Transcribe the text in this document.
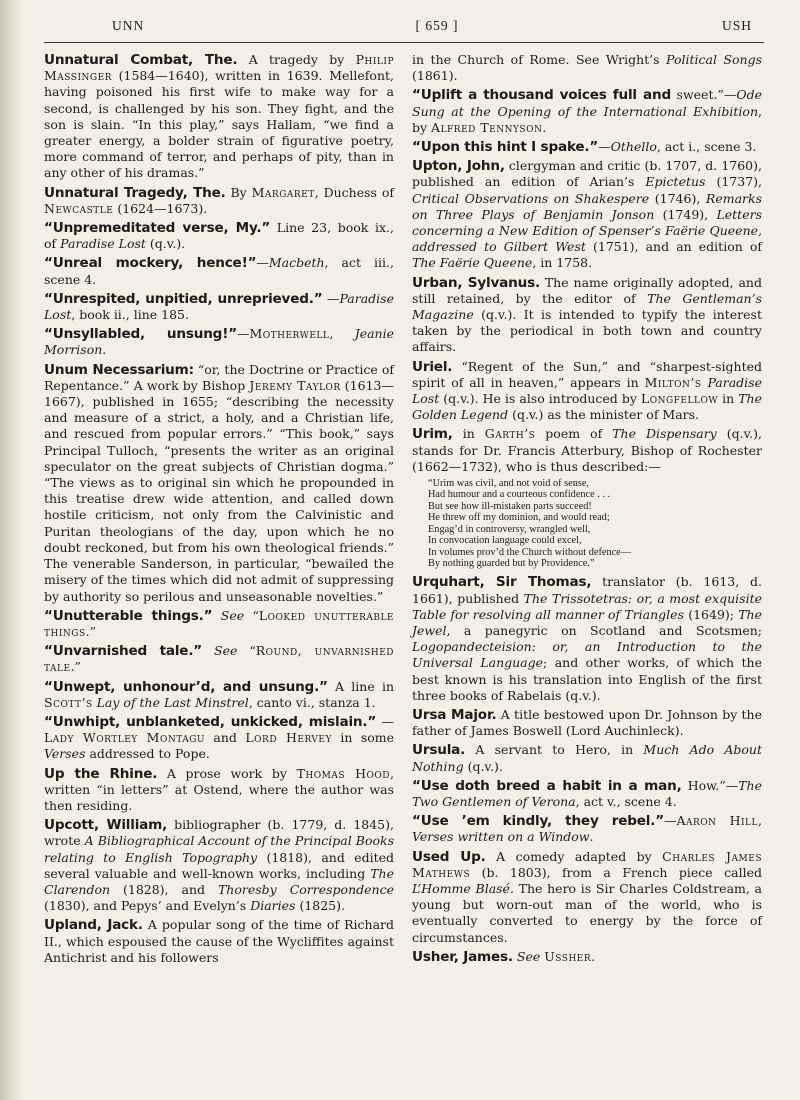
UNN	[ 659 ]	USH

Unnatural Combat, The. A tragedy by Philip Massinger (1584—1640), written in 1639. Mellefont, having poisoned his first wife to make way for a second, is challenged by his son. They fight, and the son is slain. “In this play,” says Hallam, “we find a greater energy, a bolder strain of figurative poetry, more command of terror, and perhaps of pity, than in any other of his dramas.”

Unnatural Tragedy, The. By Margaret, Duchess of Newcastle (1624—1673).

“Unpremeditated verse, My.” Line 23, book ix., of Paradise Lost (q.v.).

“Unreal mockery, hence!”—Macbeth, act iii., scene 4.

“Unrespited, unpitied, unreprieved.” —Paradise Lost, book ii., line 185.

“Unsyllabled, unsung!”—Motherwell, Jeanie Morrison.

Unum Necessarium: “or, the Doctrine or Practice of Repentance.” A work by Bishop Jeremy Taylor (1613—1667), published in 1655; “describing the necessity and measure of a strict, a holy, and a Christian life, and rescued from popular errors.” “This book,” says Principal Tulloch, “presents the writer as an original speculator on the great subjects of Christian dogma.” “The views as to original sin which he propounded in this treatise drew wide attention, and called down hostile criticism, not only from the Calvinistic and Puritan theologians of the day, upon which he no doubt reckoned, but from his own theological friends.” The venerable Sanderson, in particular, “bewailed the misery of the times which did not admit of suppressing by authority so perilous and unseasonable novelties.”

“Unutterable things.” See “Looked unutterable things.”

“Unvarnished tale.” See “Round, unvarnished tale.”

“Unwept, unhonour’d, and unsung.” A line in Scott’s Lay of the Last Minstrel, canto vi., stanza 1.

“Unwhipt, unblanketed, unkicked, mislain.” —Lady Wortley Montagu and Lord Hervey in some Verses addressed to Pope.

Up the Rhine. A prose work by Thomas Hood, written “in letters” at Ostend, where the author was then residing.

Upcott, William, bibliographer (b. 1779, d. 1845), wrote A Bibliographical Account of the Principal Books relating to English Topography (1818), and edited several valuable and well-known works, including The Clarendon (1828), and Thoresby Correspondence (1830), and Pepys’ and Evelyn’s Diaries (1825).

Upland, Jack. A popular song of the time of Richard II., which espoused the cause of the Wycliffites against Antichrist and his followers

in the Church of Rome. See Wright’s Political Songs (1861).

“Uplift a thousand voices full and sweet.”—Ode Sung at the Opening of the International Exhibition, by Alfred Tennyson.

“Upon this hint I spake.”—Othello, act i., scene 3.

Upton, John, clergyman and critic (b. 1707, d. 1760), published an edition of Arian’s Epictetus (1737), Critical Observations on Shakespere (1746), Remarks on Three Plays of Benjamin Jonson (1749), Letters concerning a New Edition of Spenser’s Faërie Queene, addressed to Gilbert West (1751), and an edition of The Faërie Queene, in 1758.

Urban, Sylvanus. The name originally adopted, and still retained, by the editor of The Gentleman’s Magazine (q.v.). It is intended to typify the interest taken by the periodical in both town and country affairs.

Uriel. “Regent of the Sun,” and “sharpest-sighted spirit of all in heaven,” appears in Milton’s Paradise Lost (q.v.). He is also introduced by Longfellow in The Golden Legend (q.v.) as the minister of Mars.

Urim, in Garth’s poem of The Dispensary (q.v.), stands for Dr. Francis Atterbury, Bishop of Rochester (1662—1732), who is thus described:—

“Urim was civil, and not void of sense,
Had humour and a courteous confidence . . .
But see how ill-mistaken parts succeed!
He threw off my dominion, and would read;
Engag’d in controversy, wrangled well,
In convocation language could excel,
In volumes prov’d the Church without defence—
By nothing guarded but by Providence.”

Urquhart, Sir Thomas, translator (b. 1613, d. 1661), published The Trissotetras: or, a most exquisite Table for resolving all manner of Triangles (1649); The Jewel, a panegyric on Scotland and Scotsmen; Logopandecteision: or, an Introduction to the Universal Language; and other works, of which the best known is his translation into English of the first three books of Rabelais (q.v.).

Ursa Major. A title bestowed upon Dr. Johnson by the father of James Boswell (Lord Auchinleck).

Ursula. A servant to Hero, in Much Ado About Nothing (q.v.).

“Use doth breed a habit in a man, How.”—The Two Gentlemen of Verona, act v., scene 4.

“Use ’em kindly, they rebel.”—Aaron Hill, Verses written on a Window.

Used Up. A comedy adapted by Charles James Mathews (b. 1803), from a French piece called L’Homme Blasé. The hero is Sir Charles Coldstream, a young but worn-out man of the world, who is eventually converted to energy by the force of circumstances.

Usher, James. See Ussher.
